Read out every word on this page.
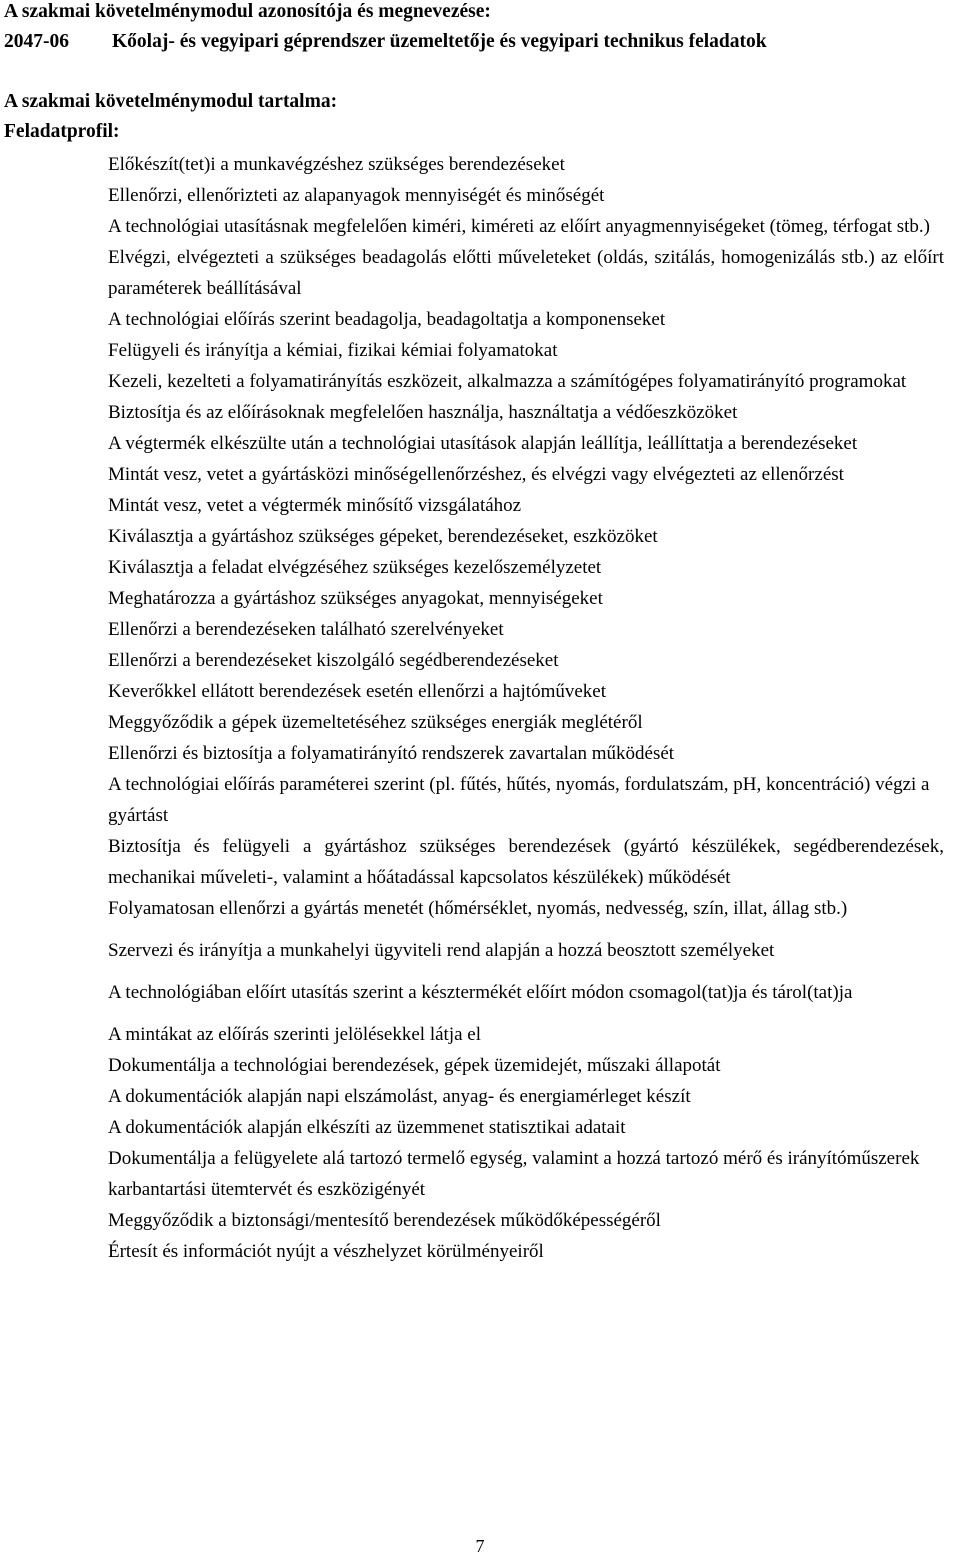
A szakmai követelménymodul azonosítója és megnevezése:
2047-06 Kőolaj- és vegyipari géprendszer üzemeltetője és vegyipari technikus feladatok
A szakmai követelménymodul tartalma:
Feladatprofil:
Előkészít(tet)i a munkavégzéshez szükséges berendezéseket
Ellenőrzi, ellenőrizteti az alapanyagok mennyiségét és minőségét
A technológiai utasításnak megfelelően kiméri, kiméreti az előírt anyagmennyiségeket (tömeg, térfogat stb.)
Elvégzi, elvégezteti a szükséges beadagolás előtti műveleteket (oldás, szitálás, homogenizálás stb.) az előírt paraméterek beállításával
A technológiai előírás szerint beadagolja, beadagoltatja a komponenseket
Felügyeli és irányítja a kémiai, fizikai kémiai folyamatokat
Kezeli, kezelteti a folyamatirányítás eszközeit, alkalmazza a számítógépes folyamatirányító programokat
Biztosítja és az előírásoknak megfelelően használja, használtatja a védőeszközöket
A végtermék elkészülte után a technológiai utasítások alapján leállítja, leállíttatja a berendezéseket
Mintát vesz, vetet a gyártásközi minőségellenőrzéshez, és elvégzi vagy elvégezteti az ellenőrzést
Mintát vesz, vetet a végtermék minősítő vizsgálatához
Kiválasztja a gyártáshoz szükséges gépeket, berendezéseket, eszközöket
Kiválasztja a feladat elvégzéséhez szükséges kezelőszemélyzetet
Meghatározza a gyártáshoz szükséges anyagokat, mennyiségeket
Ellenőrzi a berendezéseken található szerelvényeket
Ellenőrzi a berendezéseket kiszolgáló segédberendezéseket
Keverőkkel ellátott berendezések esetén ellenőrzi a hajtóműveket
Meggyőződik a gépek üzemeltetéséhez szükséges energiák meglétéről
Ellenőrzi és biztosítja a folyamatirányító rendszerek zavartalan működését
A technológiai előírás paraméterei szerint (pl. fűtés, hűtés, nyomás, fordulatszám, pH, koncentráció) végzi a gyártást
Biztosítja és felügyeli a gyártáshoz szükséges berendezések (gyártó készülékek, segédberendezések, mechanikai műveleti-, valamint a hőátadással kapcsolatos készülékek) működését
Folyamatosan ellenőrzi a gyártás menetét (hőmérséklet, nyomás, nedvesség, szín, illat, állag stb.)
Szervezi és irányítja a munkahelyi ügyviteli rend alapján a hozzá beosztott személyeket
A technológiában előírt utasítás szerint a késztermékét előírt módon csomagol(tat)ja és tárol(tat)ja
A mintákat az előírás szerinti jelölésekkel látja el
Dokumentálja a technológiai berendezések, gépek üzemidejét, műszaki állapotát
A dokumentációk alapján napi elszámolást, anyag- és energiamérleget készít
A dokumentációk alapján elkészíti az üzemmenet statisztikai adatait
Dokumentálja a felügyelete alá tartozó termelő egység, valamint a hozzá tartozó mérő és irányítóműszerek karbantartási ütemtervét és eszközigényét
Meggyőződik a biztonsági/mentesítő berendezések működőképességéről
Értesít és információt nyújt a vészhelyzet körülményeiről
7
